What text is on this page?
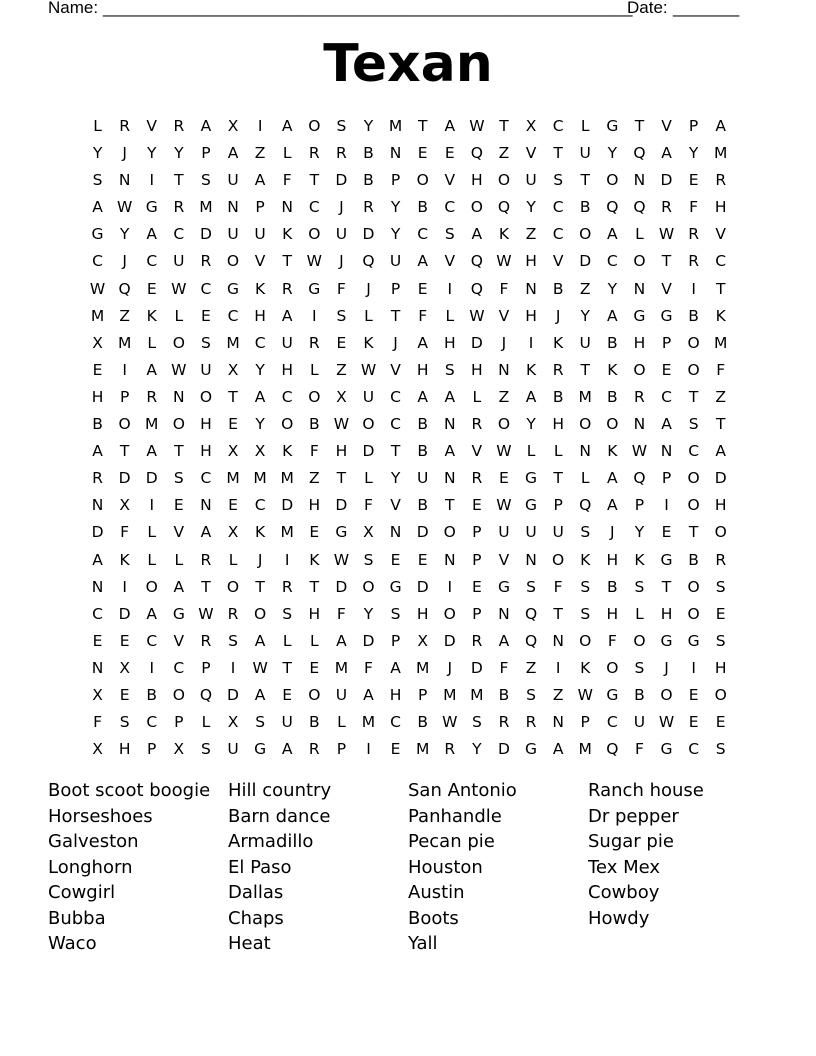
Name: ________________________________________________________
Date: _______
Texan
L	R	V	R	A	X	I	A	O	S	Y	M	T	A W T	X	C	L	G	T	V	P	A
Y	J	Y	Y	P	A	Z	L	R	R	B	N	E	E	Q	Z	V	T	U	Y	Q	A	Y	M
S	N	I	T	S	U	A	F	T	D	B	P	O	V	H O U	S	T	O N D	E	R
A W G	R M N	P	N	C	J	R	Y	B	C	O Q	Y	C	B	Q Q	R	F	H
G	Y	A	C	D U	U	K	O U D	Y	C	S	A	K	Z	C	O	A	L W R	V
C	J	C	U	R	O	V	T W	J	Q U	A	V	Q W H	V	D	C	O	T	R	C
W Q	E W C	G	K	R	G	F	J	P	E	I	Q	F	N	B	Z	Y	N	V	I	T
M Z	K	L	E	C	H	A	I	S	L	T	F	L W V	H	J	Y	A	G G	B	K
X M	L	O	S M C	U	R	E	K	J	A	H D	J	I	K	U	B	H	P	O M
E	I	A W U	X	Y	H	L	Z W V	H	S	H N	K	R	T	K	O	E	O	F
H	P	R	N O	T	A	C	O	X	U	C	A	A	L	Z	A	B M B	R	C	T	Z
B	O M O H	E	Y	O	B W O	C	B	N	R	O	Y	H O O N	A	S	T
A	T	A	T	H	X	X	K	F	H D	T	B	A	V W L	L	N	K W N	C	A
R	D D	S	C M M M Z	T	L	Y	U	N	R	E	G	T	L	A	Q	P	O D
N	X	I	E	N	E	C	D H D	F	V	B	T	E W G	P	Q	A	P	I	O H
D	F	L	V	A	X	K M	E	G	X	N D O	P	U	U	U	S	J	Y	E	T	O
A	K	L	L	R	L	J	I	K W S	E	E	N	P	V	N O	K	H	K	G	B	R
N	I	O	A	T	O	T	R	T	D O G D	I	E	G	S	F	S	B	S	T	O	S
C	D	A	G W R	O	S	H	F	Y	S	H O	P	N Q	T	S	H	L	H O	E
E	E	C	V	R	S	A	L	L	A	D	P	X	D	R	A	Q N O	F	O G G	S
N	X	I	C	P	I	W T	E	M	F	A M	J	D	F	Z	I	K	O	S	J	I	H
X	E	B	O Q D	A	E	O U	A	H	P	M M B	S	Z W G	B	O	E	O
F	S	C	P	L	X	S	U	B	L	M C	B W S	R	R	N	P	C	U W E	E
X	H	P	X	S	U G	A	R	P	I	E	M R	Y	D G	A M Q	F	G	C	S
Boot scoot boogie
Horseshoes
Galveston
Longhorn
Cowgirl
Bubba
Waco
Hill country
Barn dance
Armadillo
El Paso
Dallas
Chaps
Heat
San Antonio
Panhandle
Pecan pie
Houston
Austin
Boots
Yall
Ranch house
Dr pepper
Sugar pie
Tex Mex
Cowboy
Howdy
